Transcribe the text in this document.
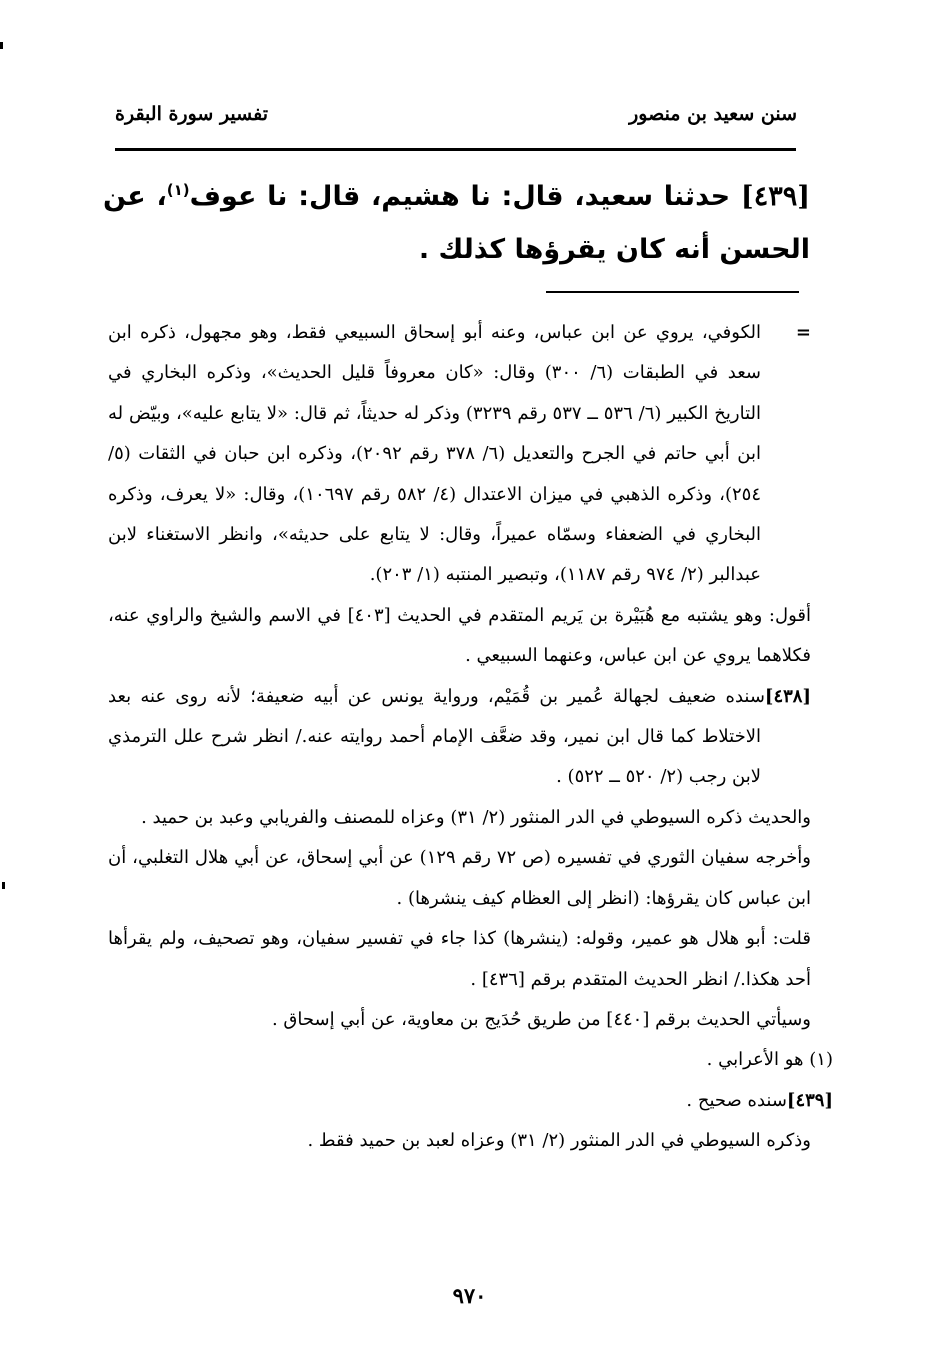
سنن سعيد بن منصور
تفسير سورة البقرة
[٤٣٩] حدثنا سعيد، قال: نا هشيم، قال: نا عوف$^{(١)}$، عن الحسن أنه كان يقرؤها كذلك .

=
الكوفي، يروي عن ابن عباس، وعنه أبو إسحاق السبيعي فقط، وهو مجهول، ذكره ابن سعد في الطبقات (٦/ ٣٠٠) وقال: «كان معروفاً قليل الحديث»، وذكره البخاري في التاريخ الكبير (٦/ ٥٣٦ ــ ٥٣٧ رقم ٣٢٣٩) وذكر له حديثاً، ثم قال: «لا يتابع عليه»، وبيّض له ابن أبي حاتم في الجرح والتعديل (٦/ ٣٧٨ رقم ٢٠٩٢)، وذكره ابن حبان في الثقات (٥/ ٢٥٤)، وذكره الذهبي في ميزان الاعتدال (٤/ ٥٨٢ رقم ١٠٦٩٧)، وقال: «لا يعرف، وذكره البخاري في الضعفاء وسمّاه عميراً، وقال: لا يتابع على حديثه»، وانظر الاستغناء لابن عبدالبر (٢/ ٩٧٤ رقم ١١٨٧)، وتبصير المنتبه (١/ ٢٠٣).

أقول: وهو يشتبه مع هُبَيْرة بن يَريم المتقدم في الحديث [٤٠٣] في الاسم والشيخ والراوي عنه، فكلاهما يروي عن ابن عباس، وعنهما السبيعي .

[٤٣٨]سنده ضعيف لجهالة عُمير بن قُمَيْم، ورواية يونس عن أبيه ضعيفة؛ لأنه روى عنه بعد الاختلاط كما قال ابن نمير، وقد ضعَّف الإمام أحمد روايته عنه./ انظر شرح علل الترمذي لابن رجب (٢/ ٥٢٠ ــ ٥٢٢) .

والحديث ذكره السيوطي في الدر المنثور (٢/ ٣١) وعزاه للمصنف والفريابي وعبد بن حميد .

وأخرجه سفيان الثوري في تفسيره (ص ٧٢ رقم ١٢٩) عن أبي إسحاق، عن أبي هلال التغلبي، أن ابن عباس كان يقرؤها: (انظر إلى العظام كيف ينشرها) .

قلت: أبو هلال هو عمير، وقوله: (ينشرها) كذا جاء في تفسير سفيان، وهو تصحيف، ولم يقرأها أحد هكذا./ انظر الحديث المتقدم برقم [٤٣٦] .

وسيأتي الحديث برقم [٤٤٠] من طريق حُدَيج بن معاوية، عن أبي إسحاق .

(١) هو الأعرابي .

[٤٣٩]سنده صحيح .

وذكره السيوطي في الدر المنثور (٢/ ٣١) وعزاه لعبد بن حميد فقط .

٩٧٠
